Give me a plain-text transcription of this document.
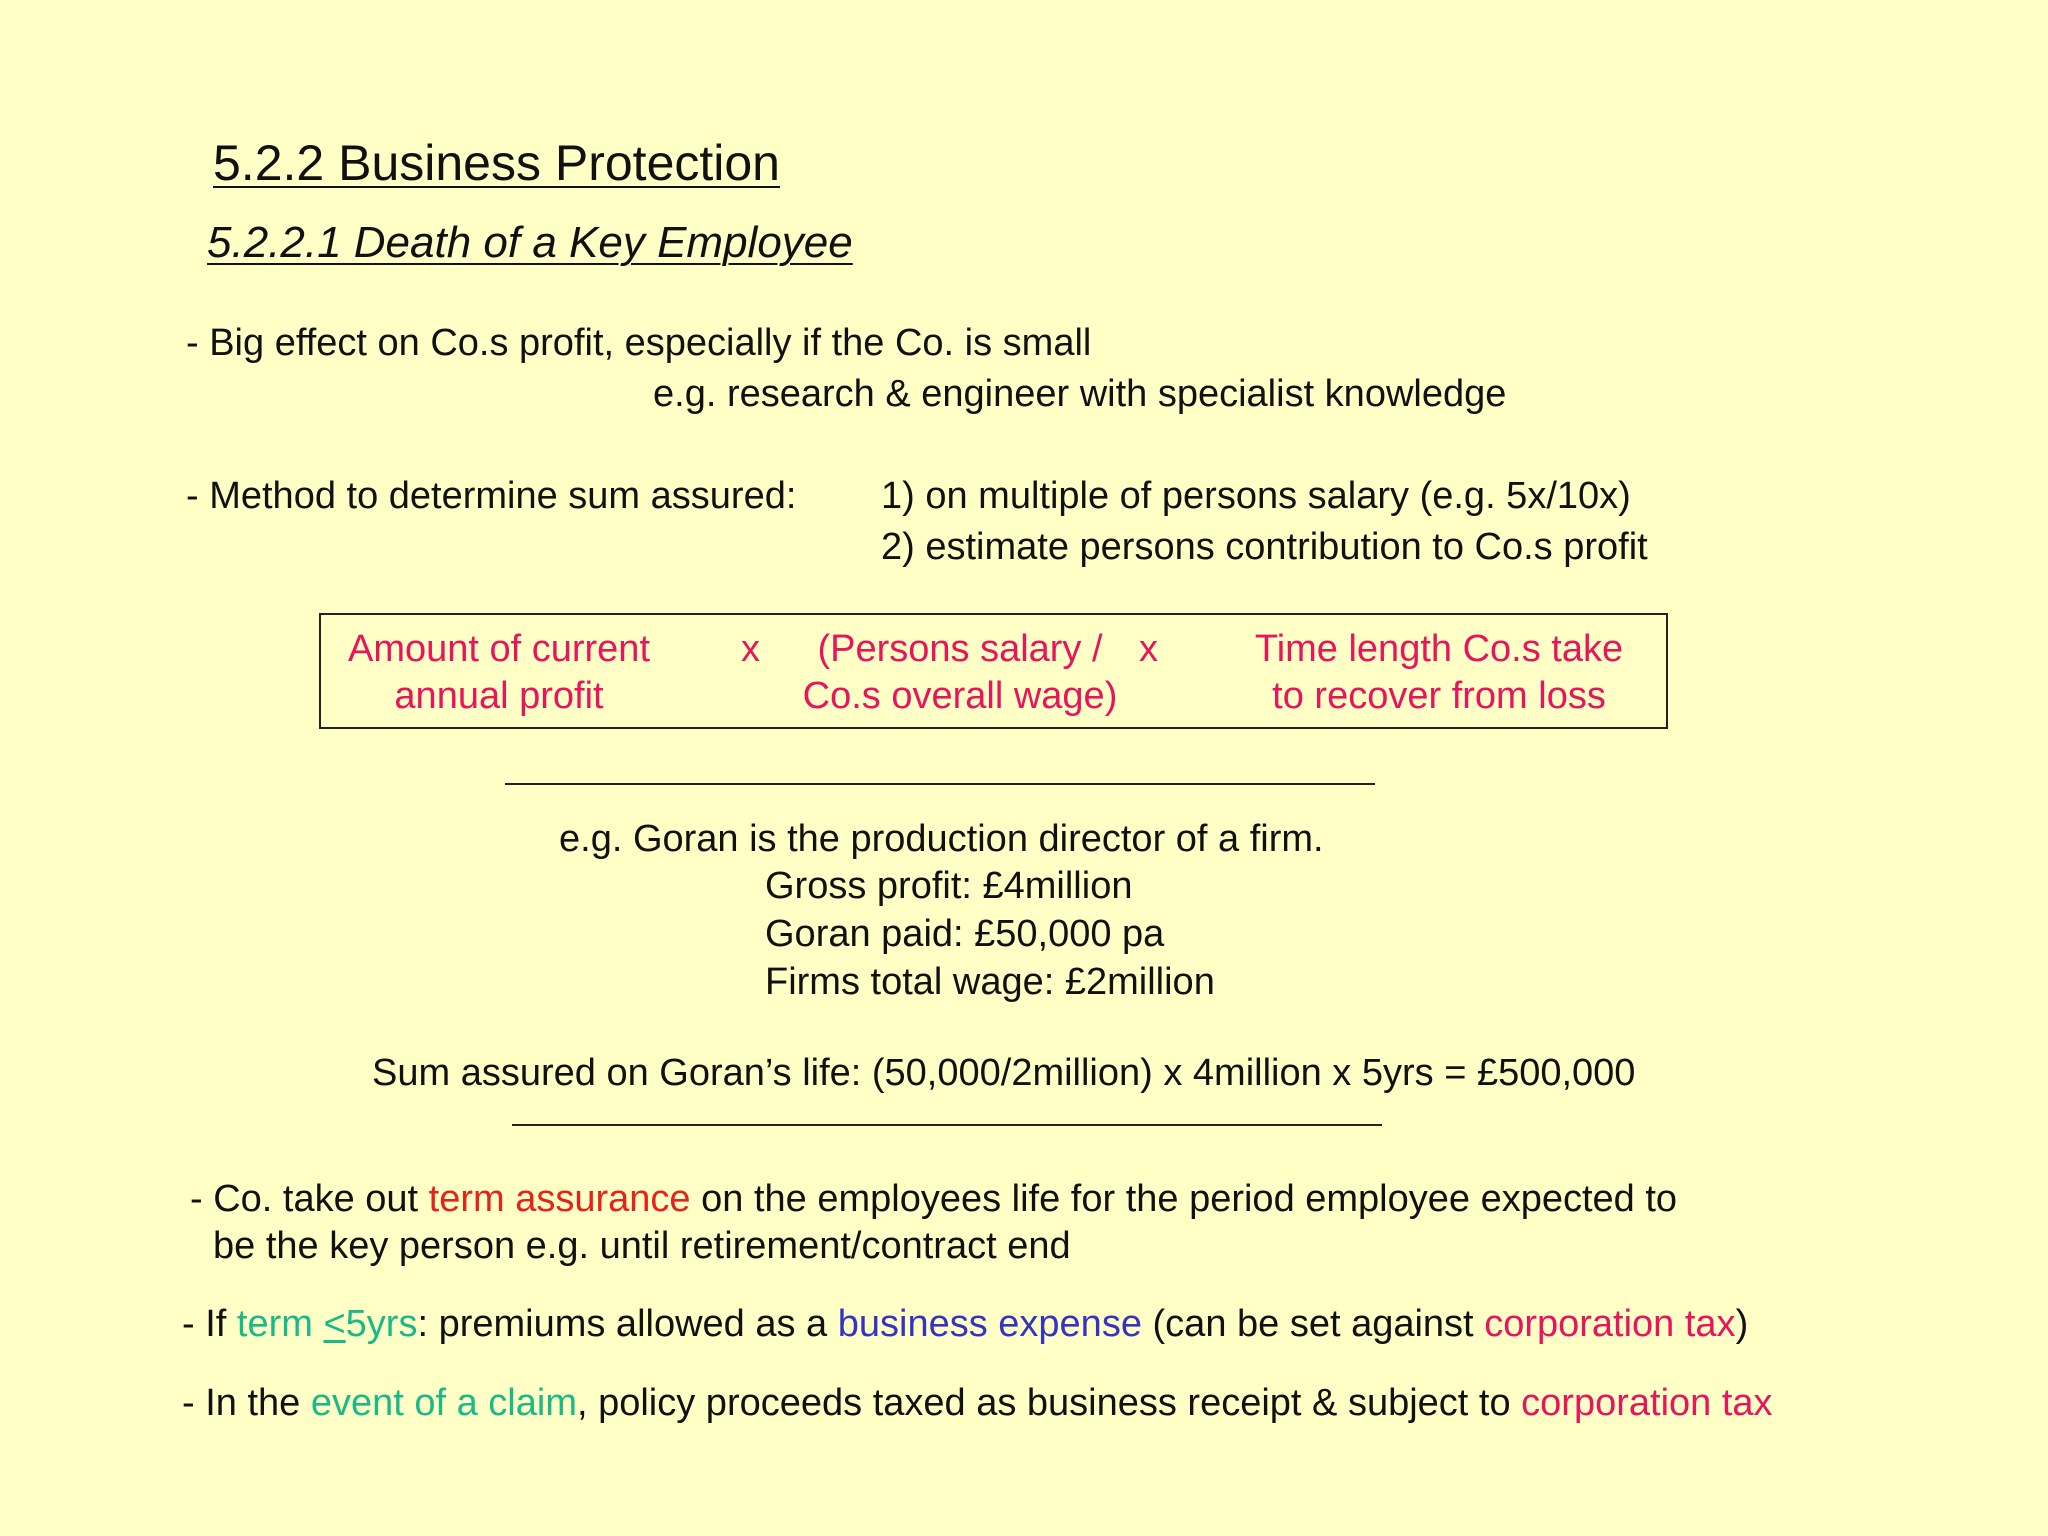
5.2.2 Business Protection
5.2.2.1 Death of a Key Employee
- Big effect on Co.s profit, especially if the Co. is small
e.g. research & engineer with specialist knowledge
- Method to determine sum assured: 1) on multiple of persons salary (e.g. 5x/10x)
2) estimate persons contribution to Co.s profit
Amount of current
annual profit
x	(Persons salary /
Co.s overall wage)
x	Time length Co.s take
to recover from loss
e.g. Goran is the production director of a firm.
Gross profit: £4million
Goran paid: £50,000 pa
Firms total wage: £2million
Sum assured on Goran’s life: (50,000/2million) x 4million x 5yrs = £500,000
- Co. take out term assurance on the employees life for the period employee expected to
be the key person e.g. until retirement/contract end
- If term ≤5yrs: premiums allowed as a business expense (can be set against corporation tax)
- In the event of a claim, policy proceeds taxed as business receipt & subject to corporation tax
